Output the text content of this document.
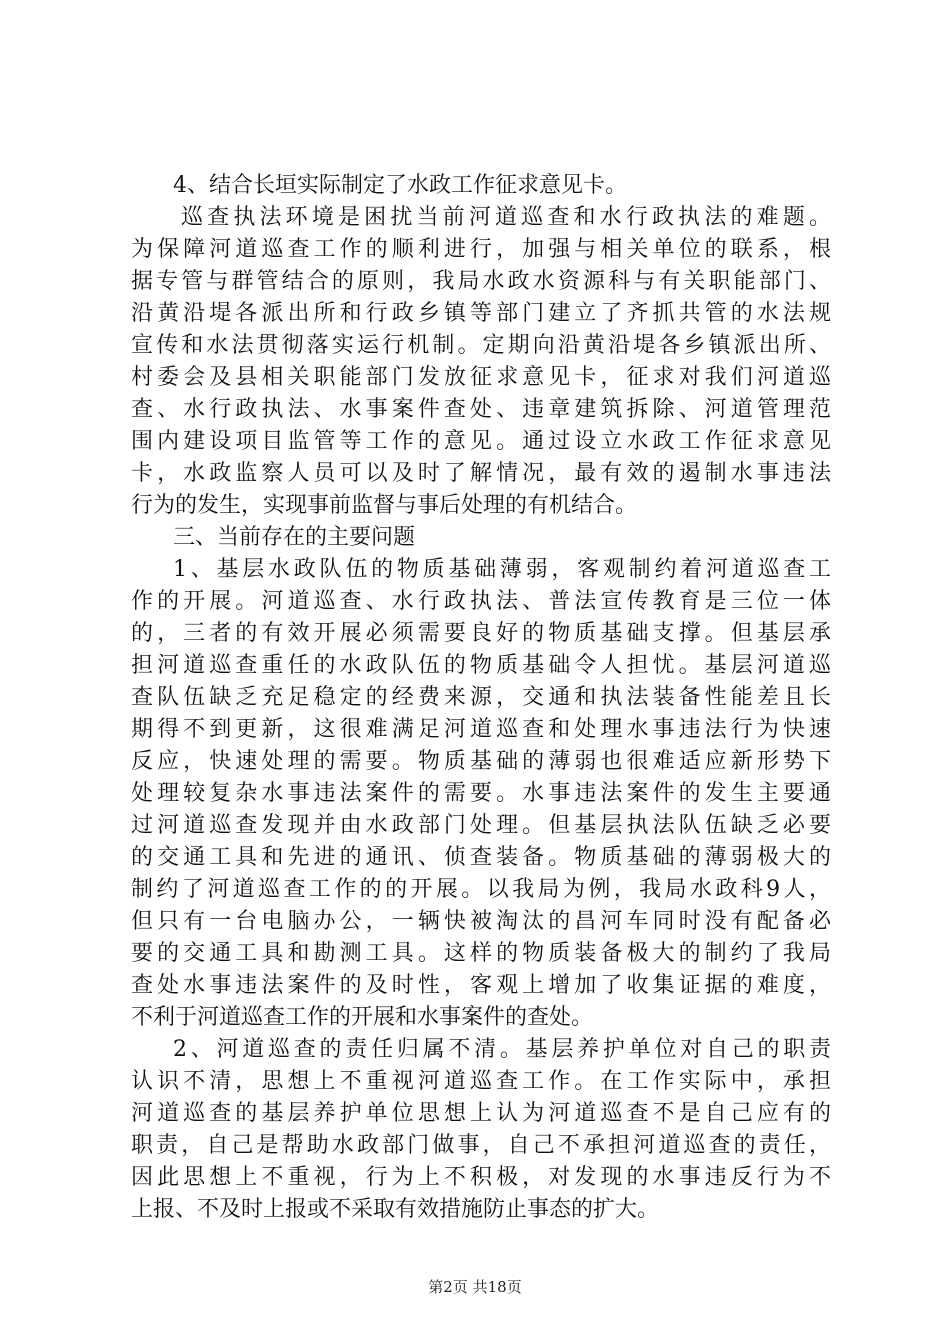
4、结合长垣实际制定了水政工作征求意见卡。
巡查执法环境是困扰当前河道巡查和水行政执法的难题。
为保障河道巡查工作的顺利进行，加强与相关单位的联系，根
据专管与群管结合的原则，我局水政水资源科与有关职能部门、
沿黄沿堤各派出所和行政乡镇等部门建立了齐抓共管的水法规
宣传和水法贯彻落实运行机制。定期向沿黄沿堤各乡镇派出所、
村委会及县相关职能部门发放征求意见卡，征求对我们河道巡
查、水行政执法、水事案件查处、违章建筑拆除、河道管理范
围内建设项目监管等工作的意见。通过设立水政工作征求意见
卡，水政监察人员可以及时了解情况，最有效的遏制水事违法
行为的发生，实现事前监督与事后处理的有机结合。
三、当前存在的主要问题
1、基层水政队伍的物质基础薄弱，客观制约着河道巡查工
作的开展。河道巡查、水行政执法、普法宣传教育是三位一体
的，三者的有效开展必须需要良好的物质基础支撑。但基层承
担河道巡查重任的水政队伍的物质基础令人担忧。基层河道巡
查队伍缺乏充足稳定的经费来源，交通和执法装备性能差且长
期得不到更新，这很难满足河道巡查和处理水事违法行为快速
反应，快速处理的需要。物质基础的薄弱也很难适应新形势下
处理较复杂水事违法案件的需要。水事违法案件的发生主要通
过河道巡查发现并由水政部门处理。但基层执法队伍缺乏必要
的交通工具和先进的通讯、侦查装备。物质基础的薄弱极大的
制约了河道巡查工作的的开展。以我局为例，我局水政科9人，
但只有一台电脑办公，一辆快被淘汰的昌河车同时没有配备必
要的交通工具和勘测工具。这样的物质装备极大的制约了我局
查处水事违法案件的及时性，客观上增加了收集证据的难度，
不利于河道巡查工作的开展和水事案件的查处。
2、河道巡查的责任归属不清。基层养护单位对自己的职责
认识不清，思想上不重视河道巡查工作。在工作实际中，承担
河道巡查的基层养护单位思想上认为河道巡查不是自己应有的
职责，自己是帮助水政部门做事，自己不承担河道巡查的责任，
因此思想上不重视，行为上不积极，对发现的水事违反行为不
上报、不及时上报或不采取有效措施防止事态的扩大。
第2页 共18页
